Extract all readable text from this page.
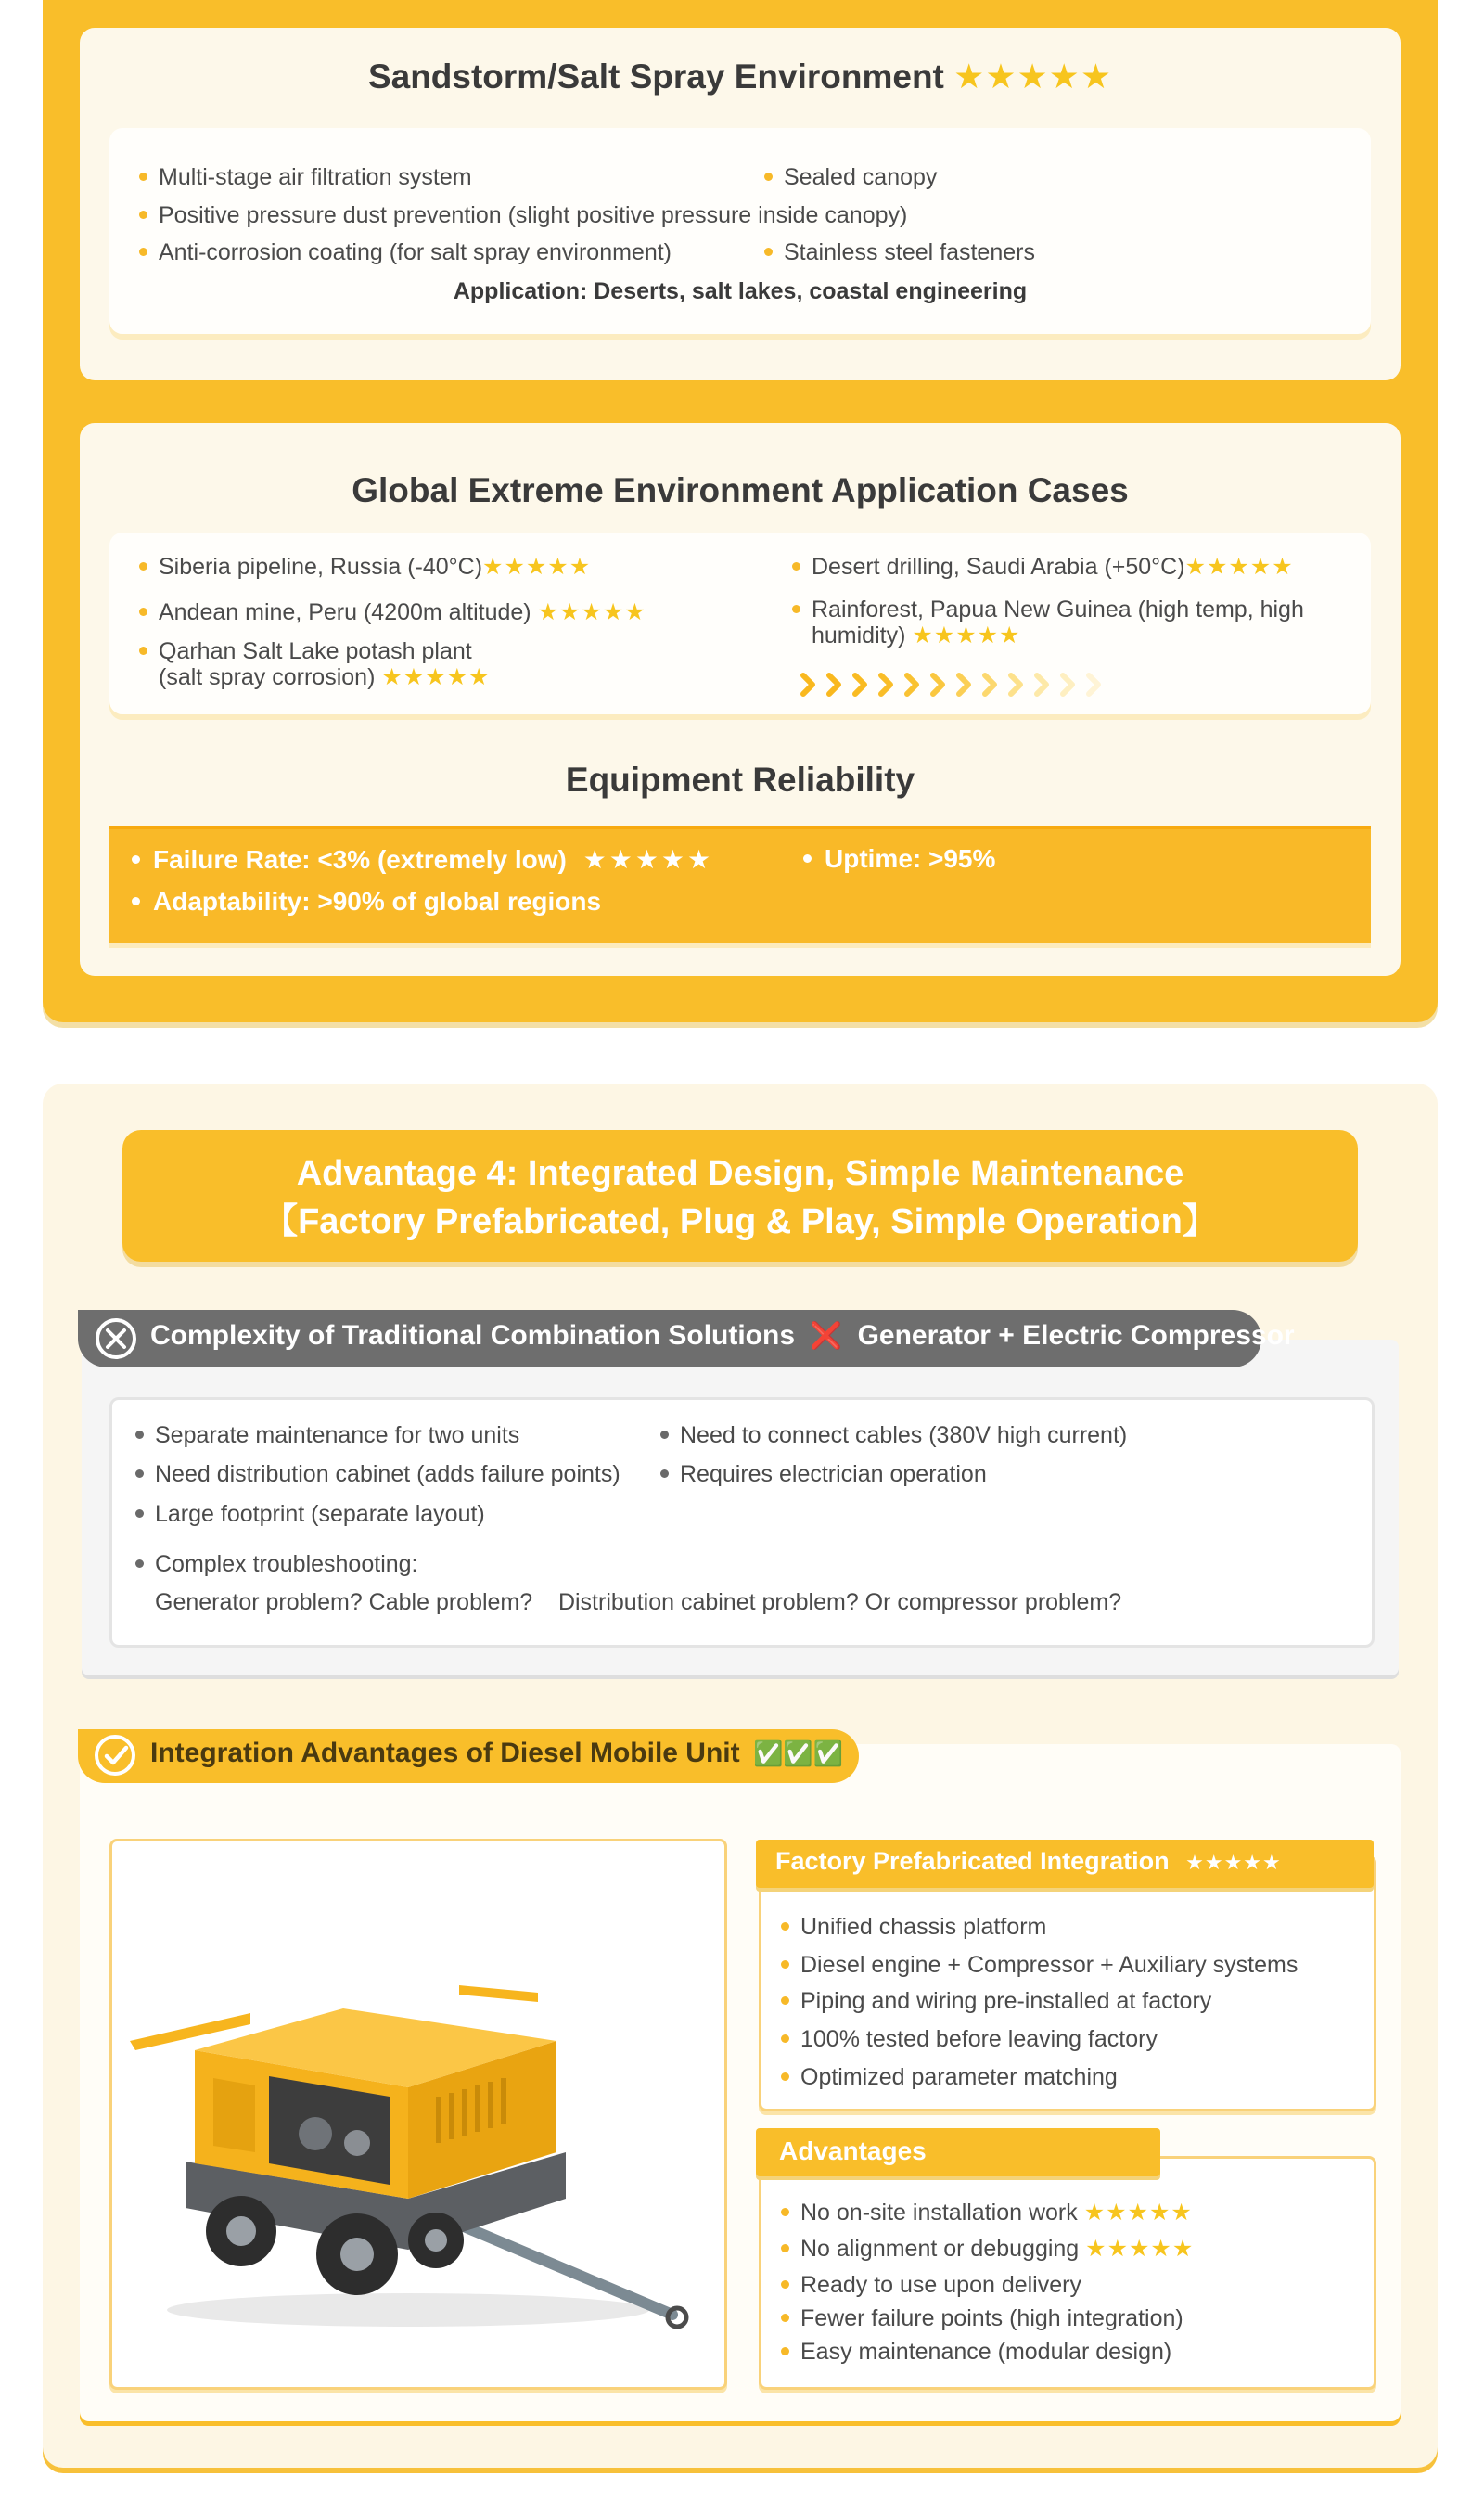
Sandstorm/Salt Spray Environment ★★★★★
Multi-stage air filtration system	Sealed canopy
Positive pressure dust prevention (slight positive pressure inside canopy)
Anti-corrosion coating (for salt spray environment)	Stainless steel fasteners
Application: Deserts, salt lakes, coastal engineering
Global Extreme Environment Application Cases
Siberia pipeline, Russia (-40°C)★★★★★	Desert drilling, Saudi Arabia (+50°C)★★★★★
Andean mine, Peru (4200m altitude) ★★★★★	Rainforest, Papua New Guinea (high temp, high
humidity) ★★★★★
Qarhan Salt Lake potash plant
(salt spray corrosion) ★★★★★
Equipment Reliability
Failure Rate: <3% (extremely low) ★★★★★	Uptime: >95%
Adaptability: >90% of global regions
Advantage 4: Integrated Design, Simple Maintenance
【Factory Prefabricated, Plug & Play, Simple Operation】
Complexity of Traditional Combination Solutions ❌ Generator + Electric Compressor
Separate maintenance for two units	Need to connect cables (380V high current)
Need distribution cabinet (adds failure points)	Requires electrician operation
Large footprint (separate layout)
Complex troubleshooting:
Generator problem? Cable problem?    Distribution cabinet problem? Or compressor problem?
Integration Advantages of Diesel Mobile Unit ✅✅✅
Factory Prefabricated Integration ★★★★★
Unified chassis platform
Diesel engine + Compressor + Auxiliary systems
Piping and wiring pre-installed at factory
100% tested before leaving factory
Optimized parameter matching
Advantages
No on-site installation work ★★★★★
No alignment or debugging ★★★★★
Ready to use upon delivery
Fewer failure points (high integration)
Easy maintenance (modular design)
